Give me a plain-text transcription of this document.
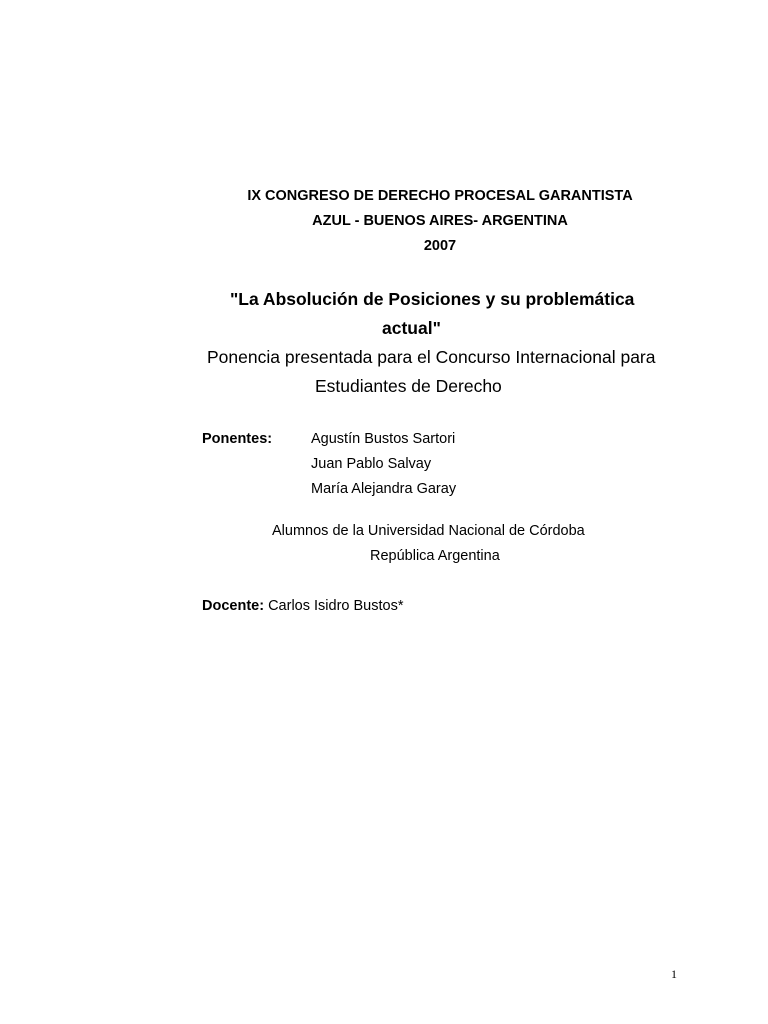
IX CONGRESO DE DERECHO PROCESAL GARANTISTA
AZUL - BUENOS AIRES- ARGENTINA
2007
"La Absolución de Posiciones y su problemática
actual"
Ponencia presentada para el Concurso Internacional para
Estudiantes de Derecho
Ponentes:	Agustín Bustos Sartori
Juan Pablo Salvay
María Alejandra Garay
Alumnos de la Universidad Nacional de Córdoba
República Argentina
Docente: Carlos Isidro Bustos*
1
